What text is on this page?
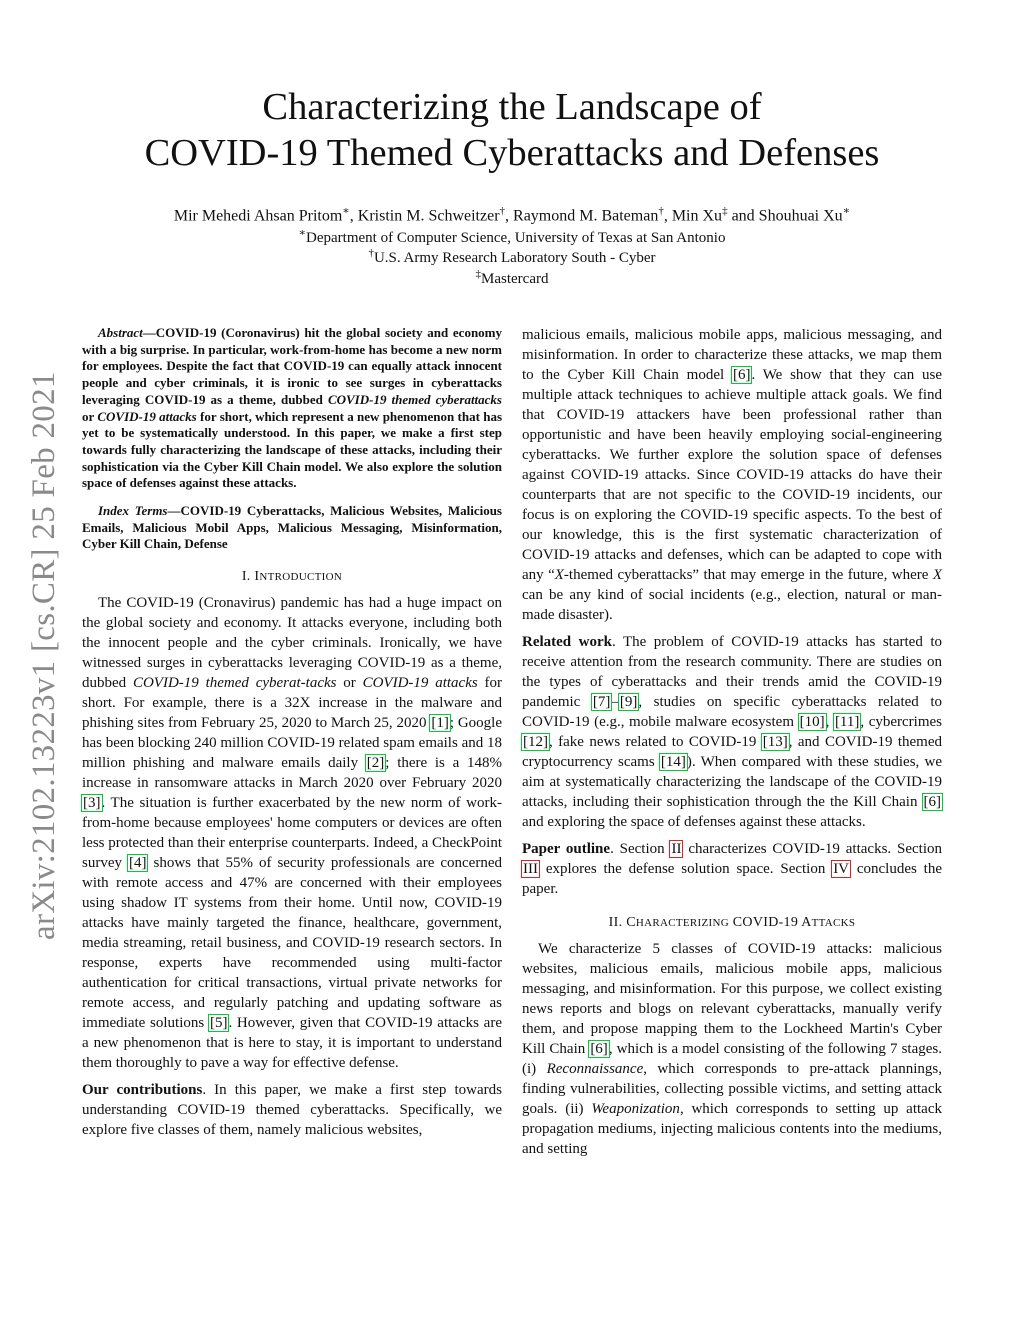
arXiv:2102.13223v1 [cs.CR] 25 Feb 2021
Characterizing the Landscape of
COVID-19 Themed Cyberattacks and Defenses
Mir Mehedi Ahsan Pritom∗, Kristin M. Schweitzer†, Raymond M. Bateman†, Min Xu‡ and Shouhuai Xu∗
∗Department of Computer Science, University of Texas at San Antonio
†U.S. Army Research Laboratory South - Cyber
‡Mastercard

Abstract—COVID-19 (Coronavirus) hit the global society and economy with a big surprise. In particular, work-from-home has become a new norm for employees. Despite the fact that COVID-19 can equally attack innocent people and cyber criminals, it is ironic to see surges in cyberattacks leveraging COVID-19 as a theme, dubbed COVID-19 themed cyberattacks or COVID-19 attacks for short, which represent a new phenomenon that has yet to be systematically understood. In this paper, we make a first step towards fully characterizing the landscape of these attacks, including their sophistication via the Cyber Kill Chain model. We also explore the solution space of defenses against these attacks.

Index Terms—COVID-19 Cyberattacks, Malicious Websites, Malicious Emails, Malicious Mobil Apps, Malicious Messaging, Misinformation, Cyber Kill Chain, Defense

I. INTRODUCTION

The COVID-19 (Cronavirus) pandemic has had a huge impact on the global society and economy. It attacks everyone, including both the innocent people and the cyber criminals. Ironically, we have witnessed surges in cyberattacks leveraging COVID-19 as a theme, dubbed COVID-19 themed cyberat-tacks or COVID-19 attacks for short. For example, there is a 32X increase in the malware and phishing sites from February 25, 2020 to March 25, 2020 [1]; Google has been blocking 240 million COVID-19 related spam emails and 18 million phishing and malware emails daily [2]; there is a 148% increase in ransomware attacks in March 2020 over February 2020 [3]. The situation is further exacerbated by the new norm of work-from-home because employees' home computers or devices are often less protected than their enterprise counterparts. Indeed, a CheckPoint survey [4] shows that 55% of security professionals are concerned with remote access and 47% are concerned with their employees using shadow IT systems from their home. Until now, COVID-19 attacks have mainly targeted the finance, healthcare, government, media streaming, retail business, and COVID-19 research sectors. In response, experts have recommended using multi-factor authentication for critical transactions, virtual private networks for remote access, and regularly patching and updating software as immediate solutions [5]. However, given that COVID-19 attacks are a new phenomenon that is here to stay, it is important to understand them thoroughly to pave a way for effective defense.

Our contributions. In this paper, we make a first step towards understanding COVID-19 themed cyberattacks. Specifically, we explore five classes of them, namely malicious websites,

malicious emails, malicious mobile apps, malicious messaging, and misinformation. In order to characterize these attacks, we map them to the Cyber Kill Chain model [6]. We show that they can use multiple attack techniques to achieve multiple attack goals. We find that COVID-19 attackers have been professional rather than opportunistic and have been heavily employing social-engineering cyberattacks. We further explore the solution space of defenses against COVID-19 attacks. Since COVID-19 attacks do have their counterparts that are not specific to the COVID-19 incidents, our focus is on exploring the COVID-19 specific aspects. To the best of our knowledge, this is the first systematic characterization of COVID-19 attacks and defenses, which can be adapted to cope with any “X-themed cyberattacks” that may emerge in the future, where X can be any kind of social incidents (e.g., election, natural or man-made disaster).

Related work. The problem of COVID-19 attacks has started to receive attention from the research community. There are studies on the types of cyberattacks and their trends amid the COVID-19 pandemic [7]–[9], studies on specific cyberattacks related to COVID-19 (e.g., mobile malware ecosystem [10], [11], cybercrimes [12], fake news related to COVID-19 [13], and COVID-19 themed cryptocurrency scams [14]). When compared with these studies, we aim at systematically characterizing the landscape of the COVID-19 attacks, including their sophistication through the the Kill Chain [6] and exploring the space of defenses against these attacks.

Paper outline. Section II characterizes COVID-19 attacks. Section III explores the defense solution space. Section IV concludes the paper.

II. CHARACTERIZING COVID-19 ATTACKS

We characterize 5 classes of COVID-19 attacks: malicious websites, malicious emails, malicious mobile apps, malicious messaging, and misinformation. For this purpose, we collect existing news reports and blogs on relevant cyberattacks, manually verify them, and propose mapping them to the Lockheed Martin's Cyber Kill Chain [6], which is a model consisting of the following 7 stages. (i) Reconnaissance, which corresponds to pre-attack plannings, finding vulnerabilities, collecting possible victims, and setting attack goals. (ii) Weaponization, which corresponds to setting up attack propagation mediums, injecting malicious contents into the mediums, and setting
